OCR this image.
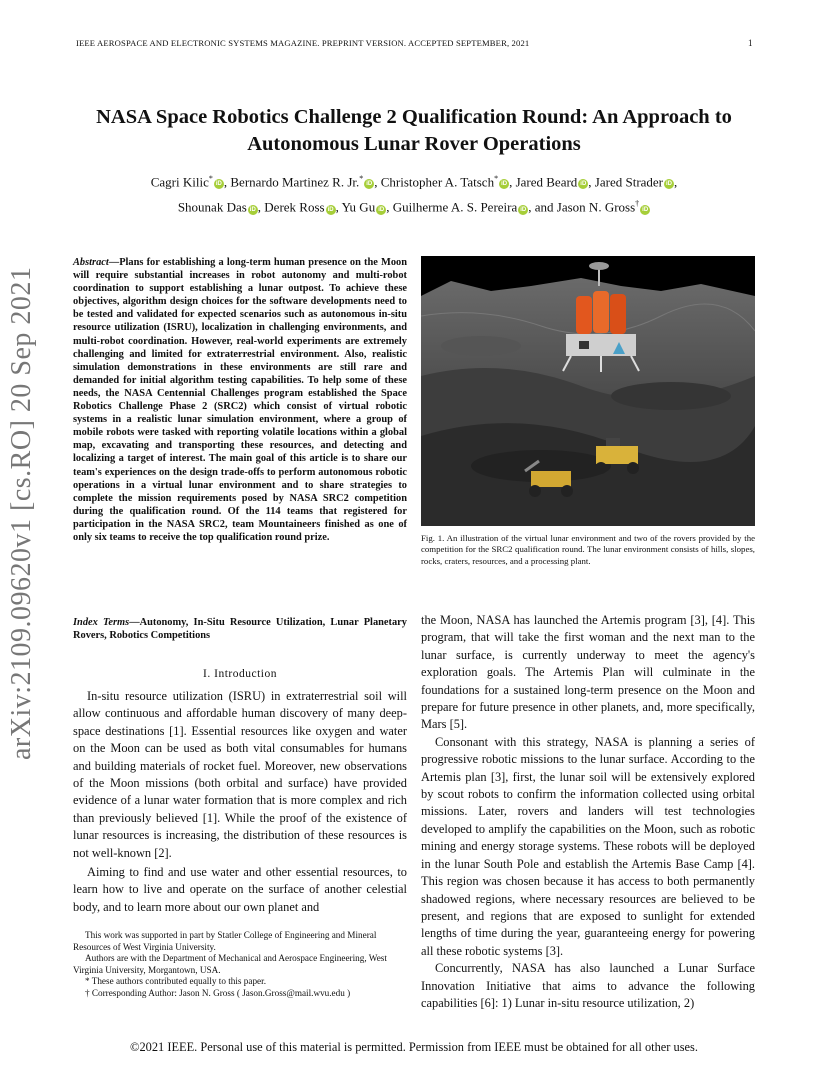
IEEE AEROSPACE AND ELECTRONIC SYSTEMS MAGAZINE. PREPRINT VERSION. ACCEPTED SEPTEMBER, 2021	1
arXiv:2109.09620v1 [cs.RO] 20 Sep 2021
NASA Space Robotics Challenge 2 Qualification Round: An Approach to Autonomous Lunar Rover Operations
Cagri Kilic*iD , Bernardo Martinez R. Jr.*iD , Christopher A. Tatsch*iD , Jared Beard iD , Jared Strader iD ,
Shounak Das iD , Derek Ross iD , Yu Gu iD , Guilherme A. S. Pereira iD , and Jason N. Gross†iD
Abstract—Plans for establishing a long-term human presence on the Moon will require substantial increases in robot autonomy and multi-robot coordination to support establishing a lunar outpost. To achieve these objectives, algorithm design choices for the software developments need to be tested and validated for expected scenarios such as autonomous in-situ resource utilization (ISRU), localization in challenging environments, and multi-robot coordination. However, real-world experiments are extremely challenging and limited for extraterrestrial environment. Also, realistic simulation demonstrations in these environments are still rare and demanded for initial algorithm testing capabilities. To help some of these needs, the NASA Centennial Challenges program established the Space Robotics Challenge Phase 2 (SRC2) which consist of virtual robotic systems in a realistic lunar simulation environment, where a group of mobile robots were tasked with reporting volatile locations within a global map, excavating and transporting these resources, and detecting and localizing a target of interest. The main goal of this article is to share our team's experiences on the design trade-offs to perform autonomous robotic operations in a virtual lunar environment and to share strategies to complete the mission requirements posed by NASA SRC2 competition during the qualification round. Of the 114 teams that registered for participation in the NASA SRC2, team Mountaineers finished as one of only six teams to receive the top qualification round prize.
Index Terms—Autonomy, In-Situ Resource Utilization, Lunar Planetary Rovers, Robotics Competitions
I. Introduction

In-situ resource utilization (ISRU) in extraterrestrial soil will allow continuous and affordable human discovery of many deep-space destinations [1]. Essential resources like oxygen and water on the Moon can be used as both vital consumables for humans and building materials of rocket fuel. Moreover, new observations of the Moon missions (both orbital and surface) have provided evidence of a lunar water formation that is more complex and rich than previously believed [1]. While the proof of the existence of lunar resources is increasing, the distribution of these resources is not well-known [2].

Aiming to find and use water and other essential resources, to learn how to live and operate on the surface of another celestial body, and to learn more about our own planet and

This work was supported in part by Statler College of Engineering and Mineral Resources of West Virginia University.

Authors are with the Department of Mechanical and Aerospace Engineering, West Virginia University, Morgantown, USA.

* These authors contributed equally to this paper.

† Corresponding Author: Jason N. Gross ( Jason.Gross@mail.wvu.edu )

Fig. 1. An illustration of the virtual lunar environment and two of the rovers provided by the competition for the SRC2 qualification round. The lunar environment consists of hills, slopes, rocks, craters, resources, and a processing plant.

the Moon, NASA has launched the Artemis program [3], [4]. This program, that will take the first woman and the next man to the lunar surface, is currently underway to meet the agency's exploration goals. The Artemis Plan will culminate in the foundations for a sustained long-term presence on the Moon and prepare for future presence in other planets, and, more specifically, Mars [5].

Consonant with this strategy, NASA is planning a series of progressive robotic missions to the lunar surface. According to the Artemis plan [3], first, the lunar soil will be extensively explored by scout robots to confirm the information collected using orbital missions. Later, rovers and landers will test technologies developed to amplify the capabilities on the Moon, such as robotic mining and energy storage systems. These robots will be deployed in the lunar South Pole and establish the Artemis Base Camp [4]. This region was chosen because it has access to both permanently shadowed regions, where necessary resources are believed to be present, and regions that are exposed to sunlight for extended lengths of time during the year, guaranteeing energy for powering all these robotic systems [3].

Concurrently, NASA has also launched a Lunar Surface Innovation Initiative that aims to advance the following capabilities [6]: 1) Lunar in-situ resource utilization, 2)

©2021 IEEE. Personal use of this material is permitted. Permission from IEEE must be obtained for all other uses.
